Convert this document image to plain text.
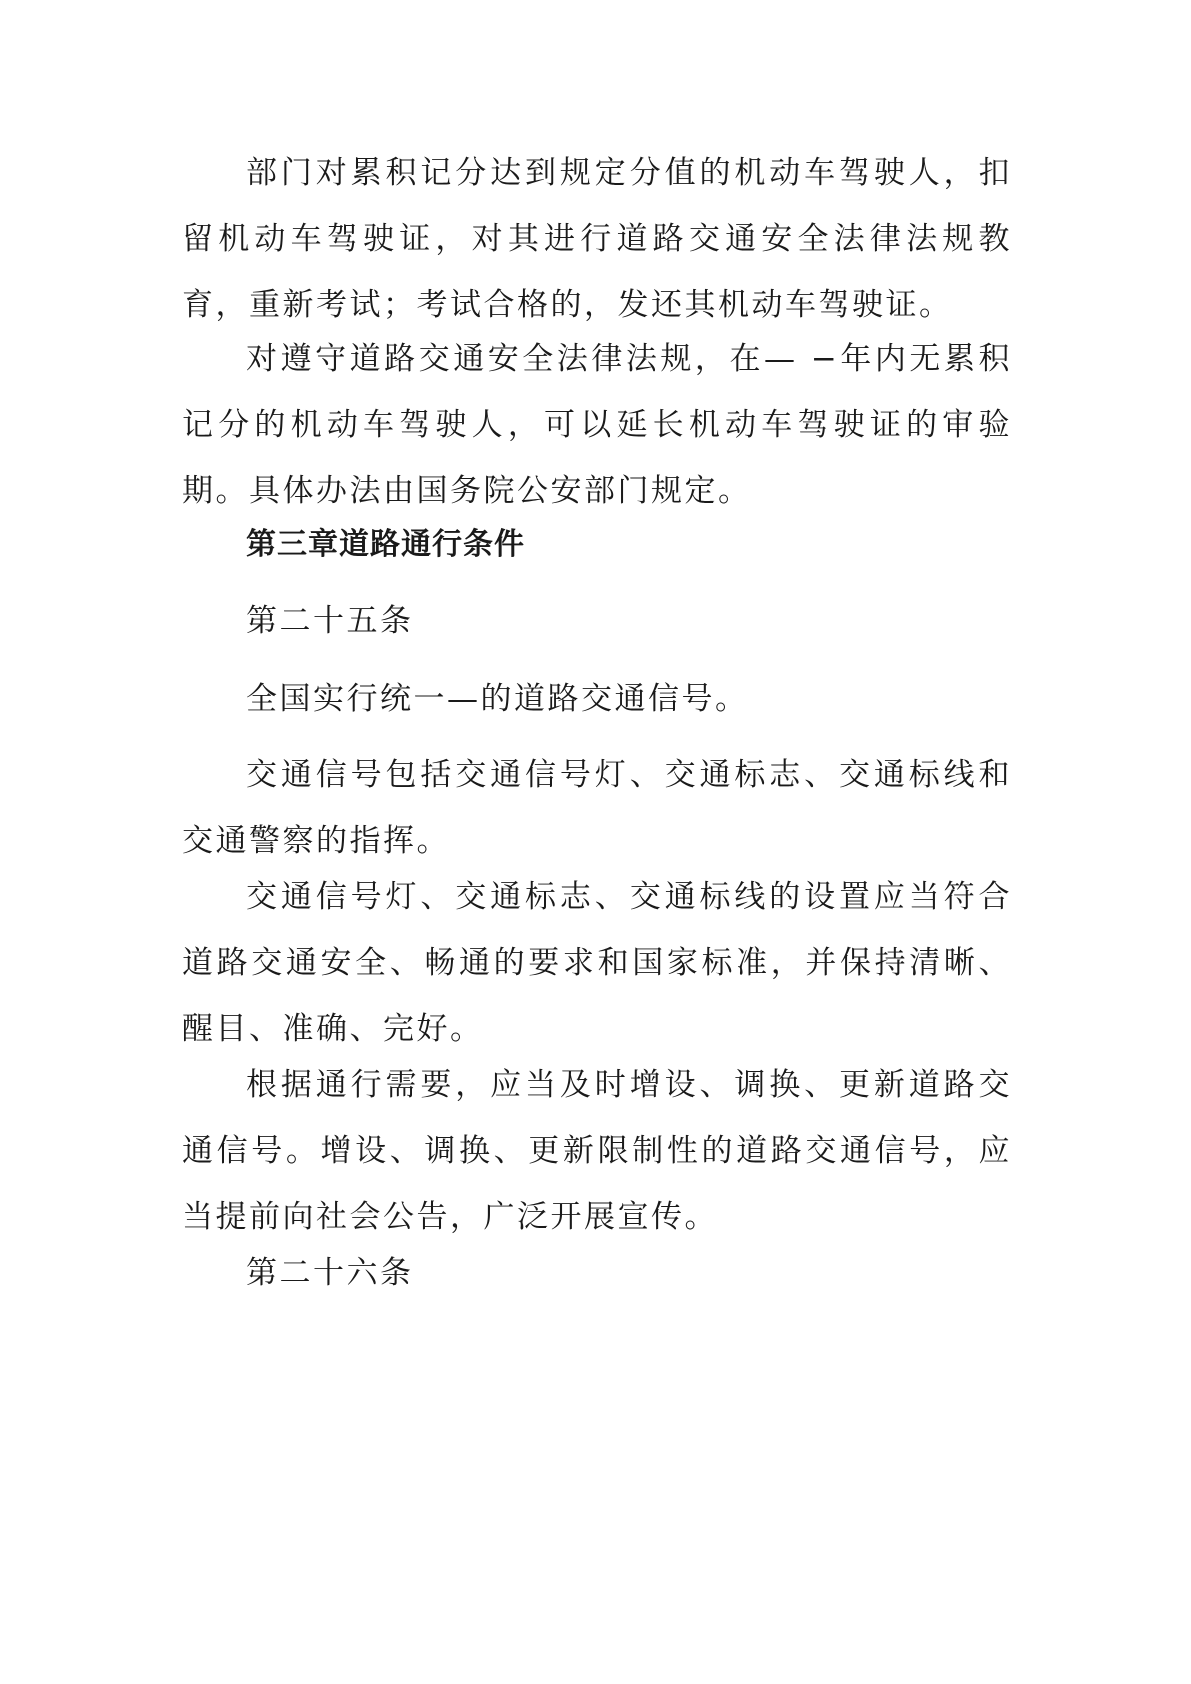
部门对累积记分达到规定分值的机动车驾驶人，扣留机动车驾驶证，对其进行道路交通安全法律法规教育，重新考试；考试合格的，发还其机动车驾驶证。

对遵守道路交通安全法律法规，在— −年内无累积记分的机动车驾驶人，可以延长机动车驾驶证的审验期。具体办法由国务院公安部门规定。

第三章道路通行条件

第二十五条

全国实行统一—的道路交通信号。

交通信号包括交通信号灯、交通标志、交通标线和交通警察的指挥。

交通信号灯、交通标志、交通标线的设置应当符合道路交通安全、畅通的要求和国家标准，并保持清晰、醒目、准确、完好。

根据通行需要，应当及时增设、调换、更新道路交通信号。增设、调换、更新限制性的道路交通信号，应当提前向社会公告，广泛开展宣传。

第二十六条
